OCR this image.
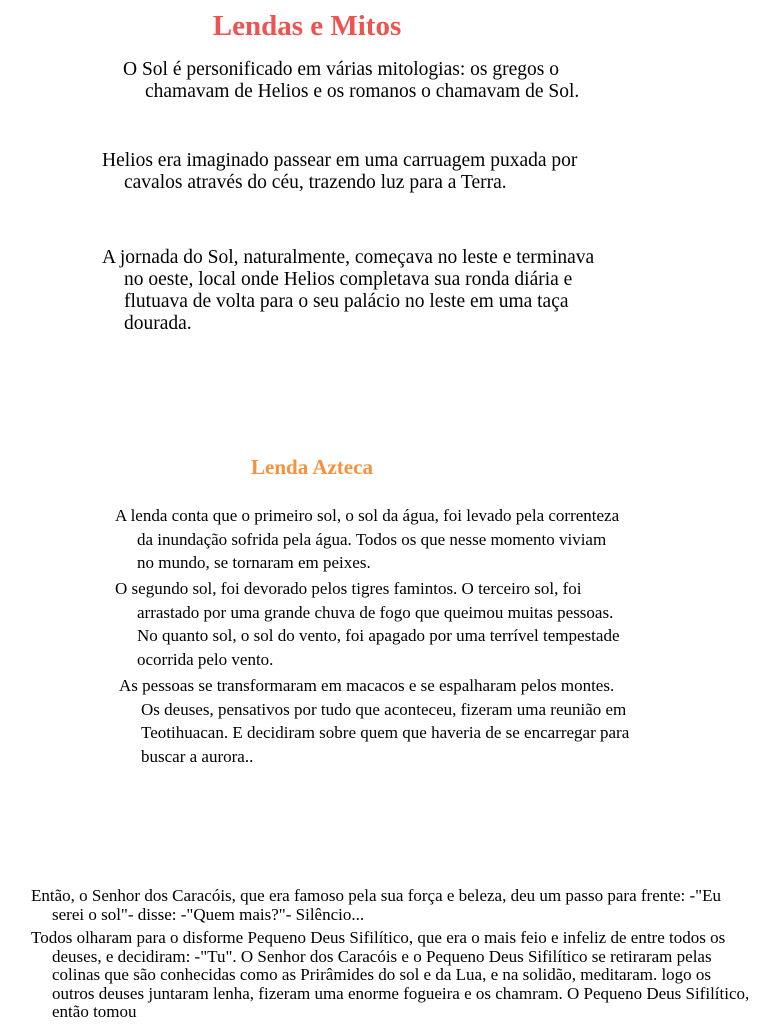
Lendas e Mitos

O Sol é personificado em várias mitologias: os gregos o chamavam de Helios e os romanos o chamavam de Sol.

Helios era imaginado passear em uma carruagem puxada por cavalos através do céu, trazendo luz para a Terra.

A jornada do Sol, naturalmente, começava no leste e terminava no oeste, local onde Helios completava sua ronda diária e flutuava de volta para o seu palácio no leste em uma taça dourada.

Lenda Azteca

A lenda conta que o primeiro sol, o sol da água, foi levado pela correnteza da inundação sofrida pela água. Todos os que nesse momento viviam no mundo, se tornaram em peixes.

O segundo sol, foi devorado pelos tigres famintos. O terceiro sol, foi arrastado por uma grande chuva de fogo que queimou muitas pessoas. No quanto sol, o sol do vento, foi apagado por uma terrível tempestade ocorrida pelo vento.

As pessoas se transformaram em macacos e se espalharam pelos montes. Os deuses, pensativos por tudo que aconteceu, fizeram uma reunião em Teotihuacan. E decidiram sobre quem que haveria de se encarregar para buscar a aurora..

Então, o Senhor dos Caracóis, que era famoso pela sua força e beleza, deu um passo para frente: -"Eu serei o sol"- disse: -"Quem mais?"- Silêncio...

Todos olharam para o disforme Pequeno Deus Sifilítico, que era o mais feio e infeliz de entre todos os deuses, e decidiram: -"Tu". O Senhor dos Caracóis e o Pequeno Deus Sifilítico se retiraram pelas colinas que são conhecidas como as Prirâmides do sol e da Lua, e na solidão, meditaram. logo os outros deuses juntaram lenha, fizeram uma enorme fogueira e os chamram. O Pequeno Deus Sifilítico, então tomou
